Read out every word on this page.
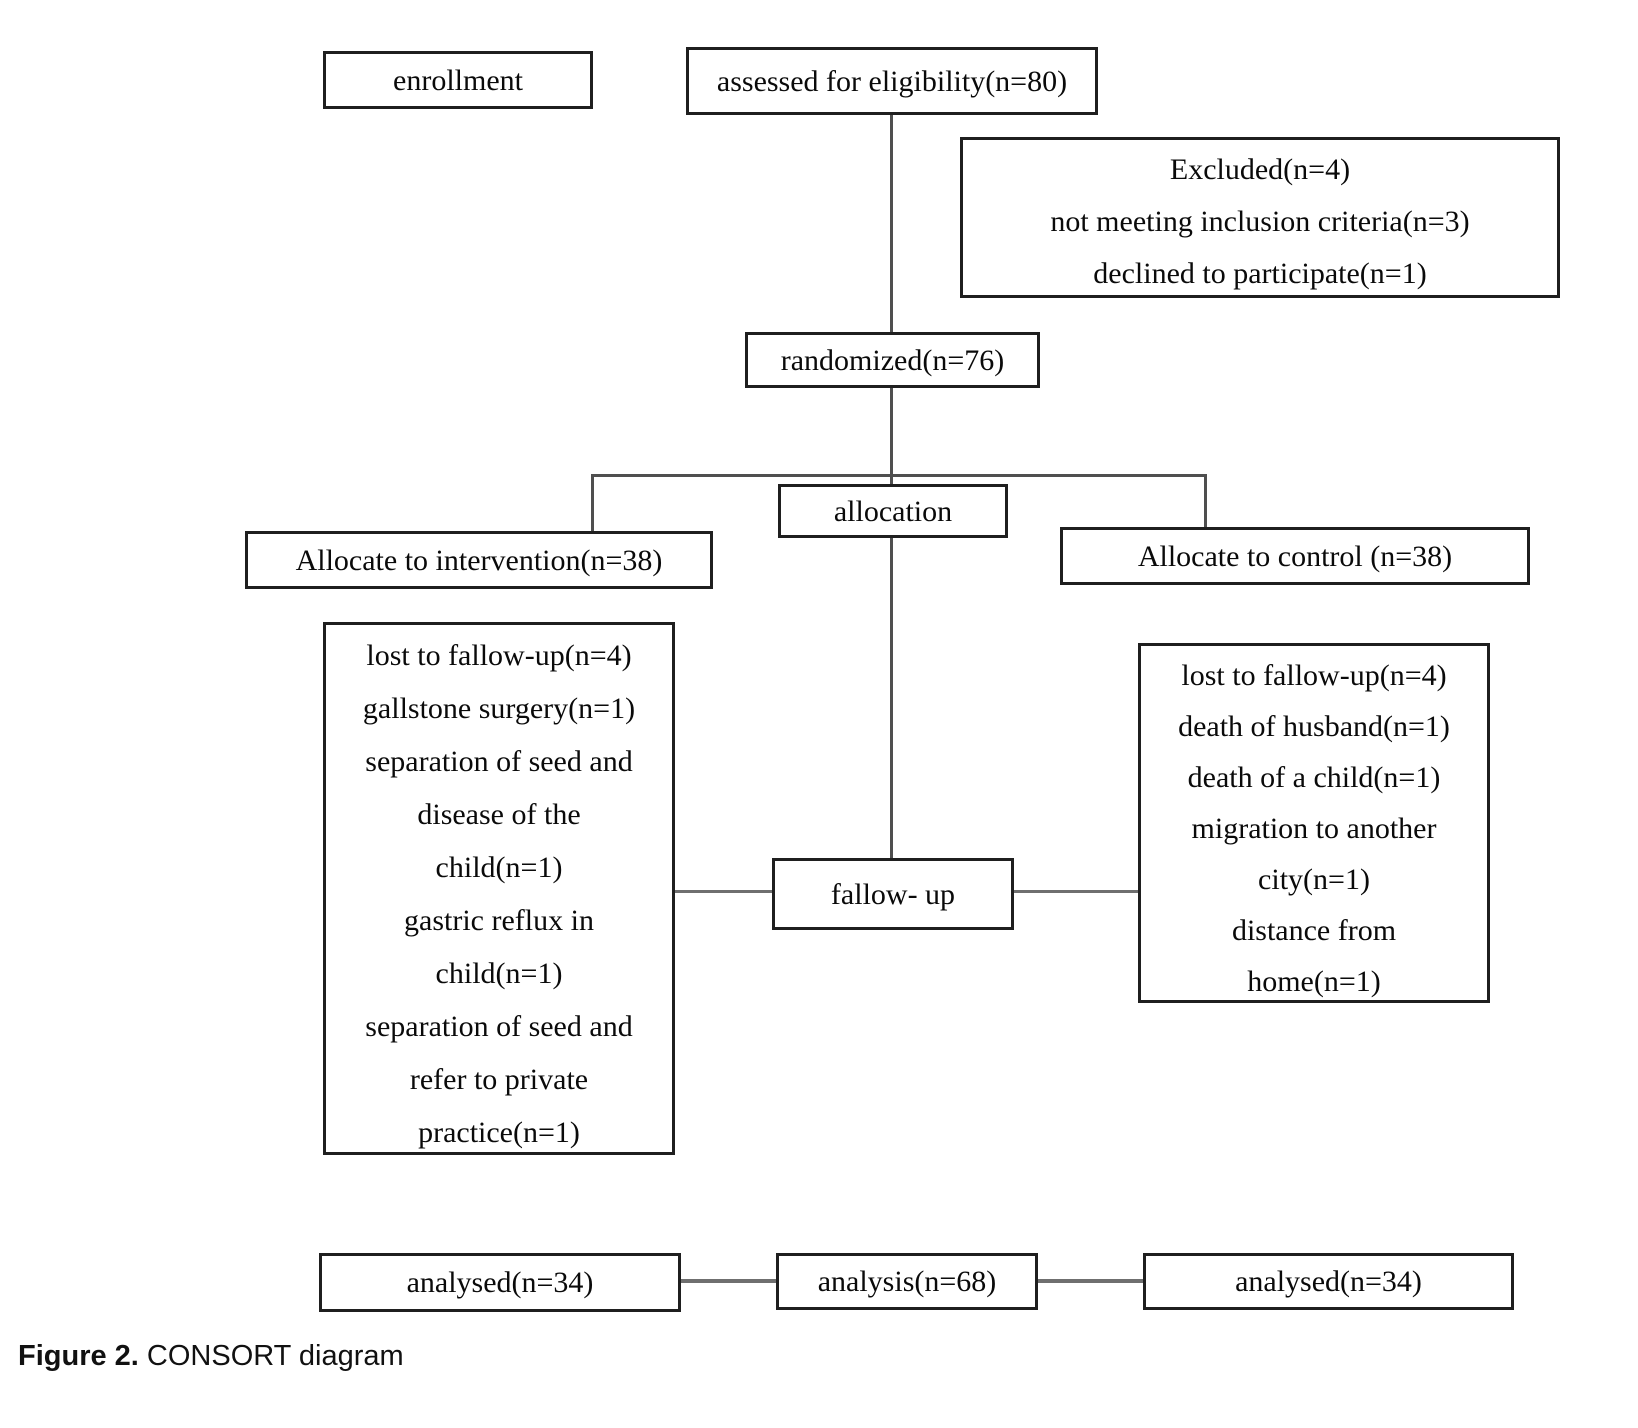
enrollment	assessed for eligibility(n=80)
Excluded(n=4)
not meeting inclusion criteria(n=3)
declined to participate(n=1)
randomized(n=76)
allocation
Allocate to intervention(n=38)	Allocate to control (n=38)
lost to fallow-up(n=4)
gallstone surgery(n=1)
separation of seed and
disease of the
child(n=1)
gastric reflux in
child(n=1)
separation of seed and
refer to private
practice(n=1)
fallow- up
lost to fallow-up(n=4)
death of husband(n=1)
death of a child(n=1)
migration to another
city(n=1)
distance from
home(n=1)
analysed(n=34)	analysis(n=68)	analysed(n=34)
Figure 2. CONSORT diagram
